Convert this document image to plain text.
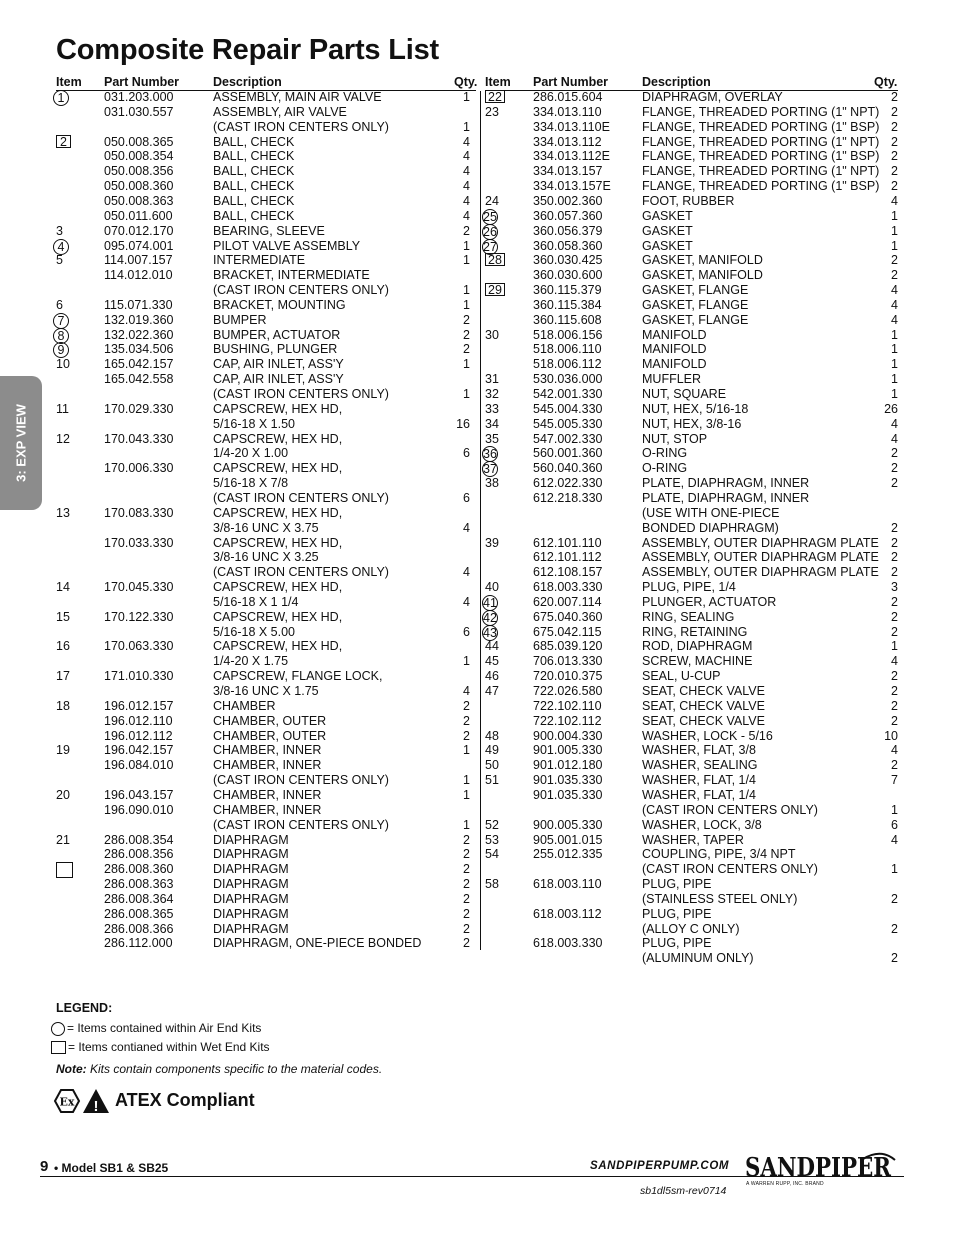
Composite Repair Parts List
Item Part Number	Description	Qty. Item Part Number	Description	Qty.
1	031.203.000	ASSEMBLY, MAIN AIR VALVE	1
031.030.557	ASSEMBLY, AIR VALVE
(CAST IRON CENTERS ONLY)	1
2	050.008.365	BALL, CHECK	4
050.008.354	BALL, CHECK	4
050.008.356	BALL, CHECK	4
050.008.360	BALL, CHECK	4
050.008.363	BALL, CHECK	4
050.011.600	BALL, CHECK	4
3	070.012.170	BEARING, SLEEVE	2
4	095.074.001	PILOT VALVE ASSEMBLY	1
5	114.007.157	INTERMEDIATE	1
114.012.010	BRACKET, INTERMEDIATE
(CAST IRON CENTERS ONLY)	1
6	115.071.330	BRACKET, MOUNTING	1
7	132.019.360	BUMPER	2
8	132.022.360	BUMPER, ACTUATOR	2
9	135.034.506	BUSHING, PLUNGER	2
10	165.042.157	CAP, AIR INLET, ASS'Y	1
165.042.558	CAP, AIR INLET, ASS'Y
(CAST IRON CENTERS ONLY)	1
11	170.029.330	CAPSCREW, HEX HD,
5/16-18 X 1.50	16
12	170.043.330	CAPSCREW, HEX HD,
1/4-20 X 1.00	6
170.006.330	CAPSCREW, HEX HD,
5/16-18 X 7/8
(CAST IRON CENTERS ONLY)	6
13	170.083.330	CAPSCREW, HEX HD,
3/8-16 UNC X 3.75	4
170.033.330	CAPSCREW, HEX HD,
3/8-16 UNC X 3.25
(CAST IRON CENTERS ONLY)	4
14	170.045.330	CAPSCREW, HEX HD,
5/16-18 X 1 1/4	4
15	170.122.330	CAPSCREW, HEX HD,
5/16-18 X 5.00	6
16	170.063.330	CAPSCREW, HEX HD,
1/4-20 X 1.75	1
17	171.010.330	CAPSCREW, FLANGE LOCK,
3/8-16 UNC X 1.75	4
18	196.012.157	CHAMBER	2
196.012.110	CHAMBER, OUTER	2
196.012.112	CHAMBER, OUTER	2
19	196.042.157	CHAMBER, INNER	1
196.084.010	CHAMBER, INNER
(CAST IRON CENTERS ONLY)	1
20	196.043.157	CHAMBER, INNER	1
196.090.010	CHAMBER, INNER
(CAST IRON CENTERS ONLY)	1
21	286.008.354	DIAPHRAGM	2
286.008.356	DIAPHRAGM	2
286.008.360	DIAPHRAGM	2
286.008.363	DIAPHRAGM	2
286.008.364	DIAPHRAGM	2
286.008.365	DIAPHRAGM	2
286.008.366	DIAPHRAGM	2
286.112.000	DIAPHRAGM, ONE-PIECE BONDED	2
22 286.015.604	DIAPHRAGM, OVERLAY	2
23	334.013.110	FLANGE, THREADED PORTING (1" NPT) 2
334.013.110E	FLANGE, THREADED PORTING (1" BSP) 2
334.013.112	FLANGE, THREADED PORTING (1" NPT) 2
334.013.112E	FLANGE, THREADED PORTING (1" BSP) 2
334.013.157	FLANGE, THREADED PORTING (1" NPT) 2
334.013.157E FLANGE, THREADED PORTING (1" BSP) 2
24	350.002.360	FOOT, RUBBER	4
25	360.057.360	GASKET	1
26	360.056.379	GASKET	1
27	360.058.360	GASKET	1
28 360.030.425	GASKET, MANIFOLD	2
360.030.600	GASKET, MANIFOLD	2
29 360.115.379	GASKET, FLANGE	4
360.115.384	GASKET, FLANGE	4
360.115.608	GASKET, FLANGE	4
30	518.006.156	MANIFOLD	1
518.006.110	MANIFOLD	1
518.006.112	MANIFOLD	1
31	530.036.000	MUFFLER	1
32	542.001.330	NUT, SQUARE	1
33	545.004.330	NUT, HEX, 5/16-18	26
34	545.005.330	NUT, HEX, 3/8-16	4
35	547.002.330	NUT, STOP	4
36	560.001.360	O-RING	2
37	560.040.360	O-RING	2
38	612.022.330	PLATE, DIAPHRAGM, INNER	2
612.218.330	PLATE, DIAPHRAGM, INNER
(USE WITH ONE-PIECE
BONDED DIAPHRAGM)	2
39	612.101.110	ASSEMBLY, OUTER DIAPHRAGM PLATE 2
612.101.112	ASSEMBLY, OUTER DIAPHRAGM PLATE 2
612.108.157	ASSEMBLY, OUTER DIAPHRAGM PLATE 2
40	618.003.330	PLUG, PIPE, 1/4	3
41	620.007.114	PLUNGER, ACTUATOR	2
42	675.040.360	RING, SEALING	2
43	675.042.115	RING, RETAINING	2
44	685.039.120	ROD, DIAPHRAGM	1
45	706.013.330	SCREW, MACHINE	4
46	720.010.375	SEAL, U-CUP	2
47	722.026.580	SEAT, CHECK VALVE	2
722.102.110	SEAT, CHECK VALVE	2
722.102.112	SEAT, CHECK VALVE	2
48	900.004.330	WASHER, LOCK - 5/16	10
49	901.005.330	WASHER, FLAT, 3/8	4
50	901.012.180	WASHER, SEALING	2
51	901.035.330	WASHER, FLAT, 1/4	7
901.035.330	WASHER, FLAT, 1/4
(CAST IRON CENTERS ONLY)	1
52	900.005.330	WASHER, LOCK, 3/8	6
53	905.001.015	WASHER, TAPER	4
54	255.012.335	COUPLING, PIPE, 3/4 NPT
(CAST IRON CENTERS ONLY)	1
58	618.003.110	PLUG, PIPE
(STAINLESS STEEL ONLY)	2
618.003.112	PLUG, PIPE
(ALLOY C ONLY)	2
618.003.330	PLUG, PIPE
(ALUMINUM ONLY)	2
3: EXP VIEW
LEGEND:
= Items contained within Air End Kits
= Items contianed within Wet End Kits
Note: Kits contain components specific to the material codes.
Ex ! ATEX Compliant
9 • Model SB1 & SB25	SANDPIPERPUMP.COM
sb1dl5sm-rev0714
SANDPIPER
A WARREN RUPP, INC. BRAND
